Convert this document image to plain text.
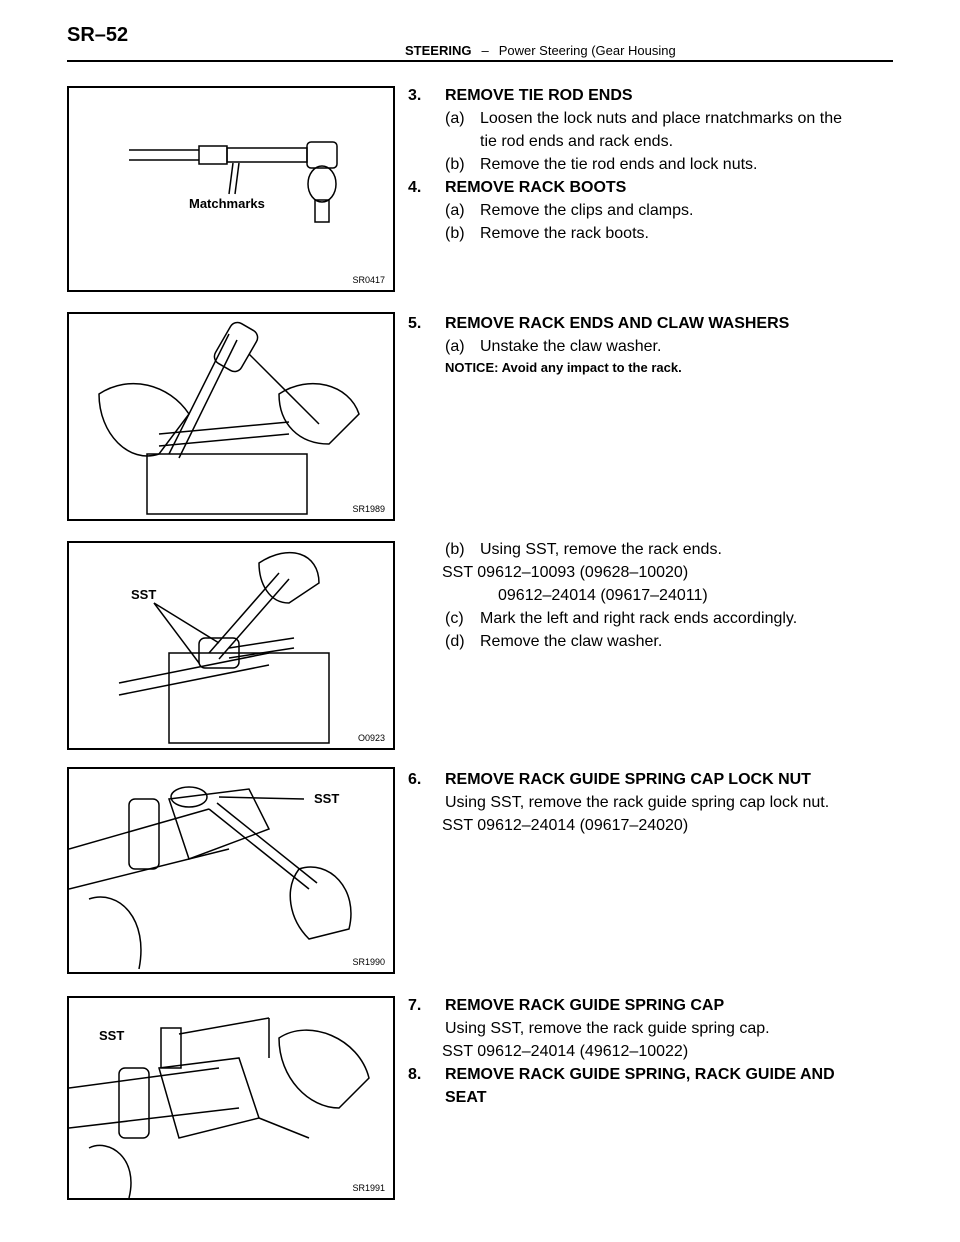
SR–52
STEERING – Power Steering (Gear Housing
Matchmarks
SR0417
SR1989
SST
O0923
SST
SR1990
SST
SR1991
3. REMOVE TIE ROD ENDS
(a) Loosen the lock nuts and place rnatchmarks on the
tie rod ends and rack ends.
(b) Remove the tie rod ends and lock nuts.
4. REMOVE RACK BOOTS
(a) Remove the clips and clamps.
(b) Remove the rack boots.
5. REMOVE RACK ENDS AND CLAW WASHERS
(a) Unstake the claw washer.
NOTICE: Avoid any impact to the rack.
(b) Using SST, remove the rack ends.
SST 09612–10093 (09628–10020)
09612–24014 (09617–24011)
(c) Mark the left and right rack ends accordingly.
(d) Remove the claw washer.
6. REMOVE RACK GUIDE SPRING CAP LOCK NUT
Using SST, remove the rack guide spring cap lock nut.
SST 09612–24014 (09617–24020)
7. REMOVE RACK GUIDE SPRING CAP
Using SST, remove the rack guide spring cap.
SST 09612–24014 (49612–10022)
8. REMOVE RACK GUIDE SPRING, RACK GUIDE AND
SEAT
